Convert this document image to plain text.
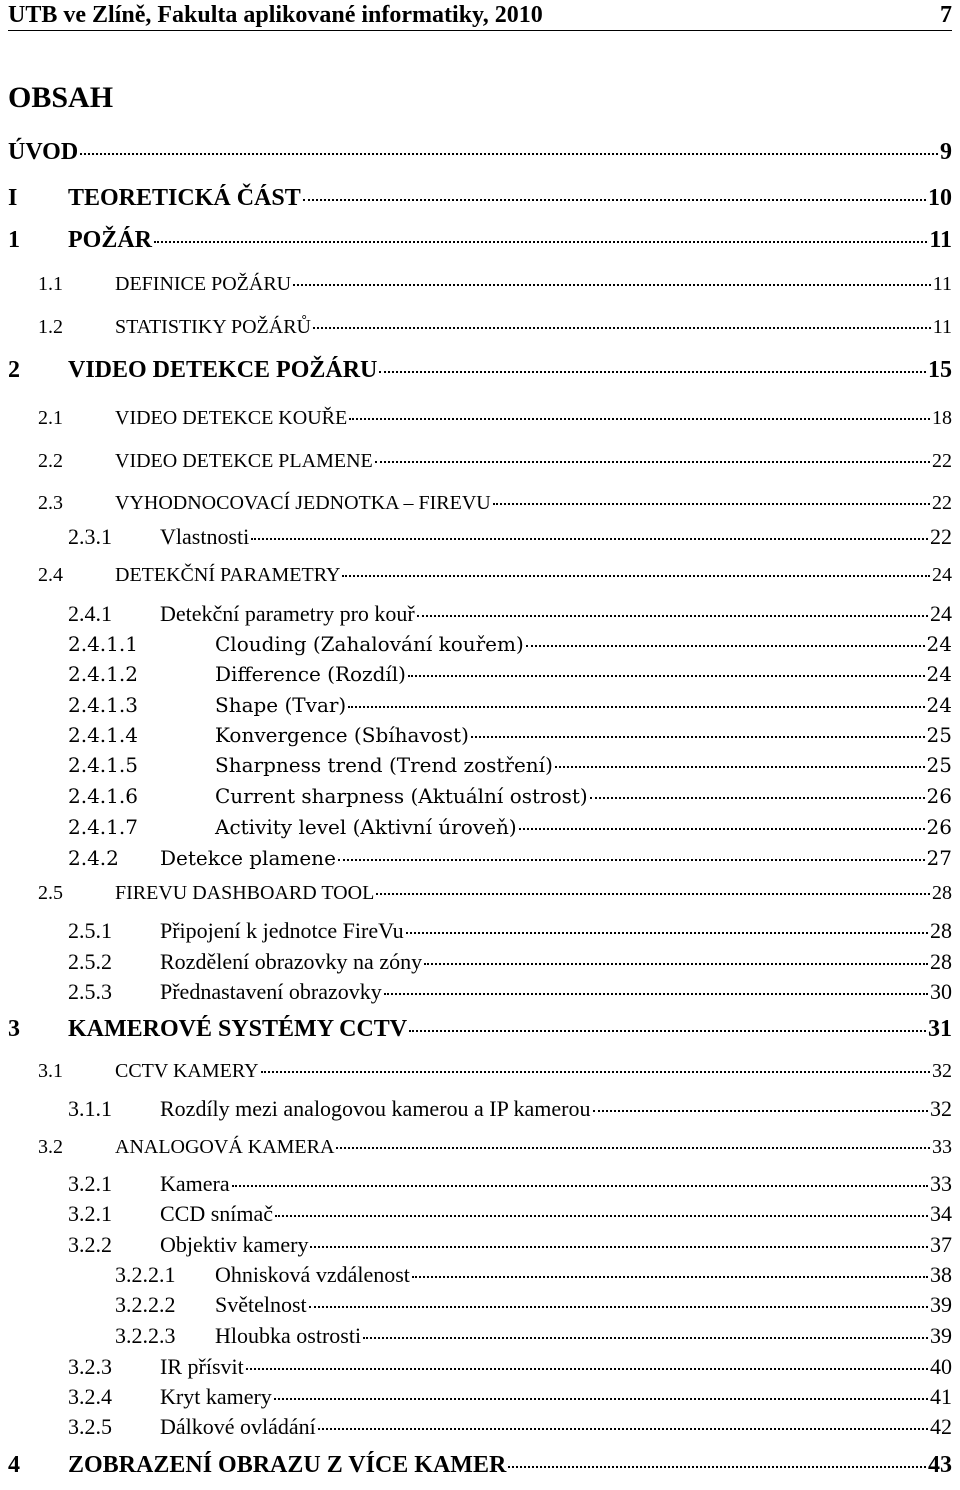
UTB ve Zlíně, Fakulta aplikované informatiky, 2010	7
OBSAH
ÚVOD	9
I	TEORETICKÁ ČÁST	10
1	POŽÁR	11
1.1	DEFINICE POŽÁRU	11
1.2	STATISTIKY POŽÁRŮ	11
2	VIDEO DETEKCE POŽÁRU	15
2.1	VIDEO DETEKCE KOUŘE	18
2.2	VIDEO DETEKCE PLAMENE	22
2.3	VYHODNOCOVACÍ JEDNOTKA – FIREVU	22
2.3.1	Vlastnosti	22
2.4	DETEKČNÍ PARAMETRY	24
2.4.1	Detekční parametry pro kouř	24
2.4.1.1	Clouding (Zahalování kouřem)	24
2.4.1.2	Difference (Rozdíl)	24
2.4.1.3	Shape (Tvar)	24
2.4.1.4	Konvergence (Sbíhavost)	25
2.4.1.5	Sharpness trend (Trend zostření)	25
2.4.1.6	Current sharpness (Aktuální ostrost)	26
2.4.1.7	Activity level (Aktivní úroveň)	26
2.4.2	Detekce plamene	27
2.5	FIREVU DASHBOARD TOOL	28
2.5.1	Připojení k jednotce FireVu	28
2.5.2	Rozdělení obrazovky na zóny	28
2.5.3	Přednastavení obrazovky	30
3	KAMEROVÉ SYSTÉMY CCTV	31
3.1	CCTV KAMERY	32
3.1.1	Rozdíly mezi analogovou kamerou a IP kamerou	32
3.2	ANALOGOVÁ KAMERA	33
3.2.1	Kamera	33
3.2.1	CCD snímač	34
3.2.2	Objektiv kamery	37
3.2.2.1	Ohnisková vzdálenost	38
3.2.2.2	Světelnost	39
3.2.2.3	Hloubka ostrosti	39
3.2.3	IR přísvit	40
3.2.4	Kryt kamery	41
3.2.5	Dálkové ovládání	42
4	ZOBRAZENÍ OBRAZU Z VÍCE KAMER	43
